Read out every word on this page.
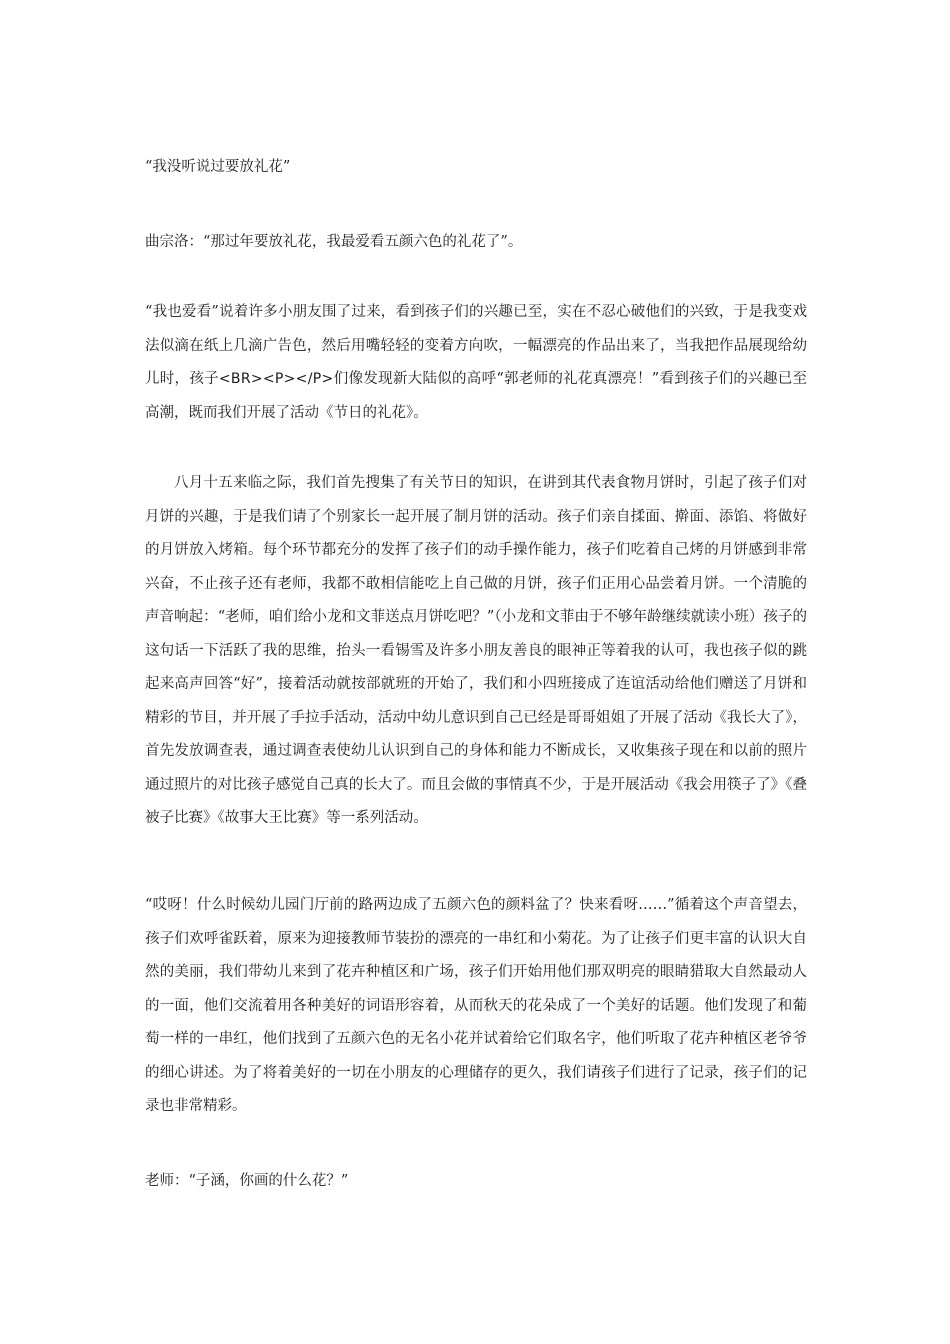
“我没听说过要放礼花”

曲宗洛：“那过年要放礼花，我最爱看五颜六色的礼花了”。

“我也爱看”说着许多小朋友围了过来，看到孩子们的兴趣已至，实在不忍心破他们的兴致，于是我变戏法似滴在纸上几滴广告色，然后用嘴轻轻的变着方向吹，一幅漂亮的作品出来了，当我把作品展现给幼儿时，孩子<BR><P></P>们像发现新大陆似的高呼“郭老师的礼花真漂亮！”看到孩子们的兴趣已至高潮，既而我们开展了活动《节日的礼花》。

八月十五来临之际，我们首先搜集了有关节日的知识，在讲到其代表食物月饼时，引起了孩子们对月饼的兴趣，于是我们请了个别家长一起开展了制月饼的活动。孩子们亲自揉面、擀面、添馅、将做好的月饼放入烤箱。每个环节都充分的发挥了孩子们的动手操作能力，孩子们吃着自己烤的月饼感到非常兴奋，不止孩子还有老师，我都不敢相信能吃上自己做的月饼，孩子们正用心品尝着月饼。一个清脆的声音响起：“老师，咱们给小龙和文菲送点月饼吃吧？”（小龙和文菲由于不够年龄继续就读小班）孩子的这句话一下活跃了我的思维，抬头一看锡雪及许多小朋友善良的眼神正等着我的认可，我也孩子似的跳起来高声回答“好”，接着活动就按部就班的开始了，我们和小四班接成了连谊活动给他们赠送了月饼和精彩的节目，并开展了手拉手活动，活动中幼儿意识到自己已经是哥哥姐姐了开展了活动《我长大了》，首先发放调查表，通过调查表使幼儿认识到自己的身体和能力不断成长，又收集孩子现在和以前的照片通过照片的对比孩子感觉自己真的长大了。而且会做的事情真不少，于是开展活动《我会用筷子了》《叠被子比赛》《故事大王比赛》等一系列活动。

“哎呀！什么时候幼儿园门厅前的路两边成了五颜六色的颜料盆了？快来看呀……”循着这个声音望去，孩子们欢呼雀跃着，原来为迎接教师节装扮的漂亮的一串红和小菊花。为了让孩子们更丰富的认识大自然的美丽，我们带幼儿来到了花卉种植区和广场，孩子们开始用他们那双明亮的眼睛猎取大自然最动人的一面，他们交流着用各种美好的词语形容着，从而秋天的花朵成了一个美好的话题。他们发现了和葡萄一样的一串红，他们找到了五颜六色的无名小花并试着给它们取名字，他们听取了花卉种植区老爷爷的细心讲述。为了将着美好的一切在小朋友的心理储存的更久，我们请孩子们进行了记录，孩子们的记录也非常精彩。

老师：“子涵，你画的什么花？”
